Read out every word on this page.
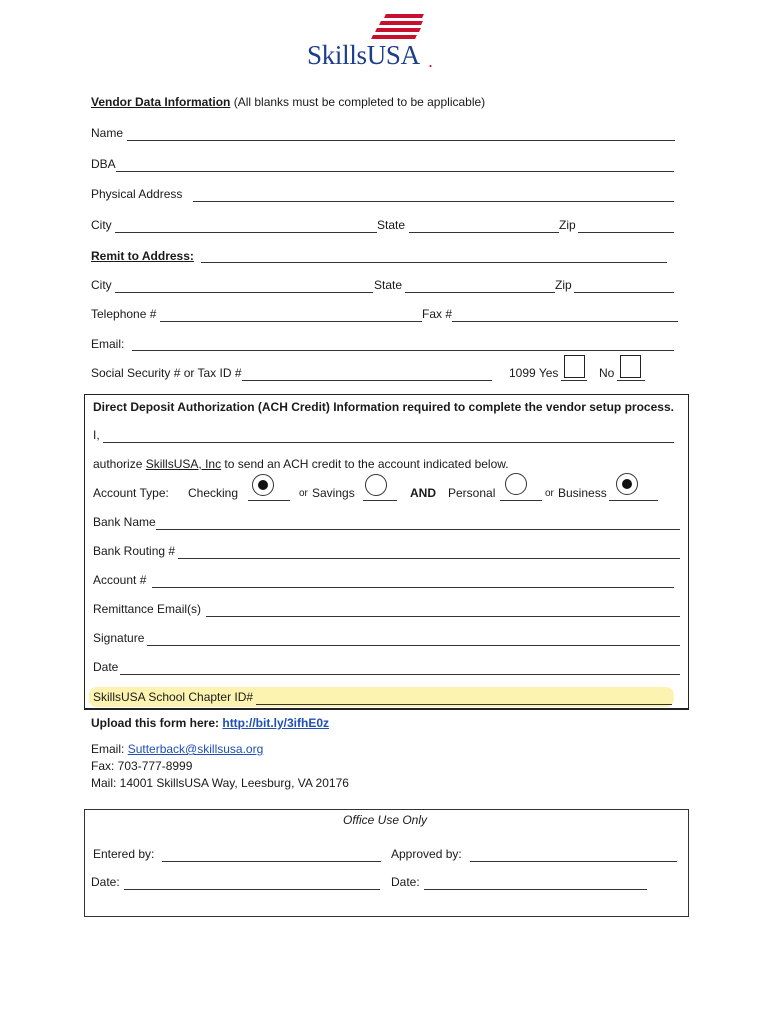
SkillsUSA .
Vendor Data Information (All blanks must be completed to be applicable)
Name
DBA
Physical Address
City	State	Zip
Remit to Address:
City	State	Zip
Telephone #	Fax #
Email:
Social Security # or Tax ID #	1099 Yes	No
Direct Deposit Authorization (ACH Credit) Information required to complete the vendor setup process.
I,
authorize SkillsUSA, Inc to send an ACH credit to the account indicated below.
Account Type: Checking	or Savings	AND Personal	or Business
Bank Name
Bank Routing #
Account #
Remittance Email(s)
Signature
Date
SkillsUSA School Chapter ID#
Upload this form here: http://bit.ly/3ifhE0z
Email: Sutterback@skillsusa.org
Fax: 703-777-8999
Mail: 14001 SkillsUSA Way, Leesburg, VA 20176
Office Use Only
Entered by:	Approved by:
Date:	Date:
